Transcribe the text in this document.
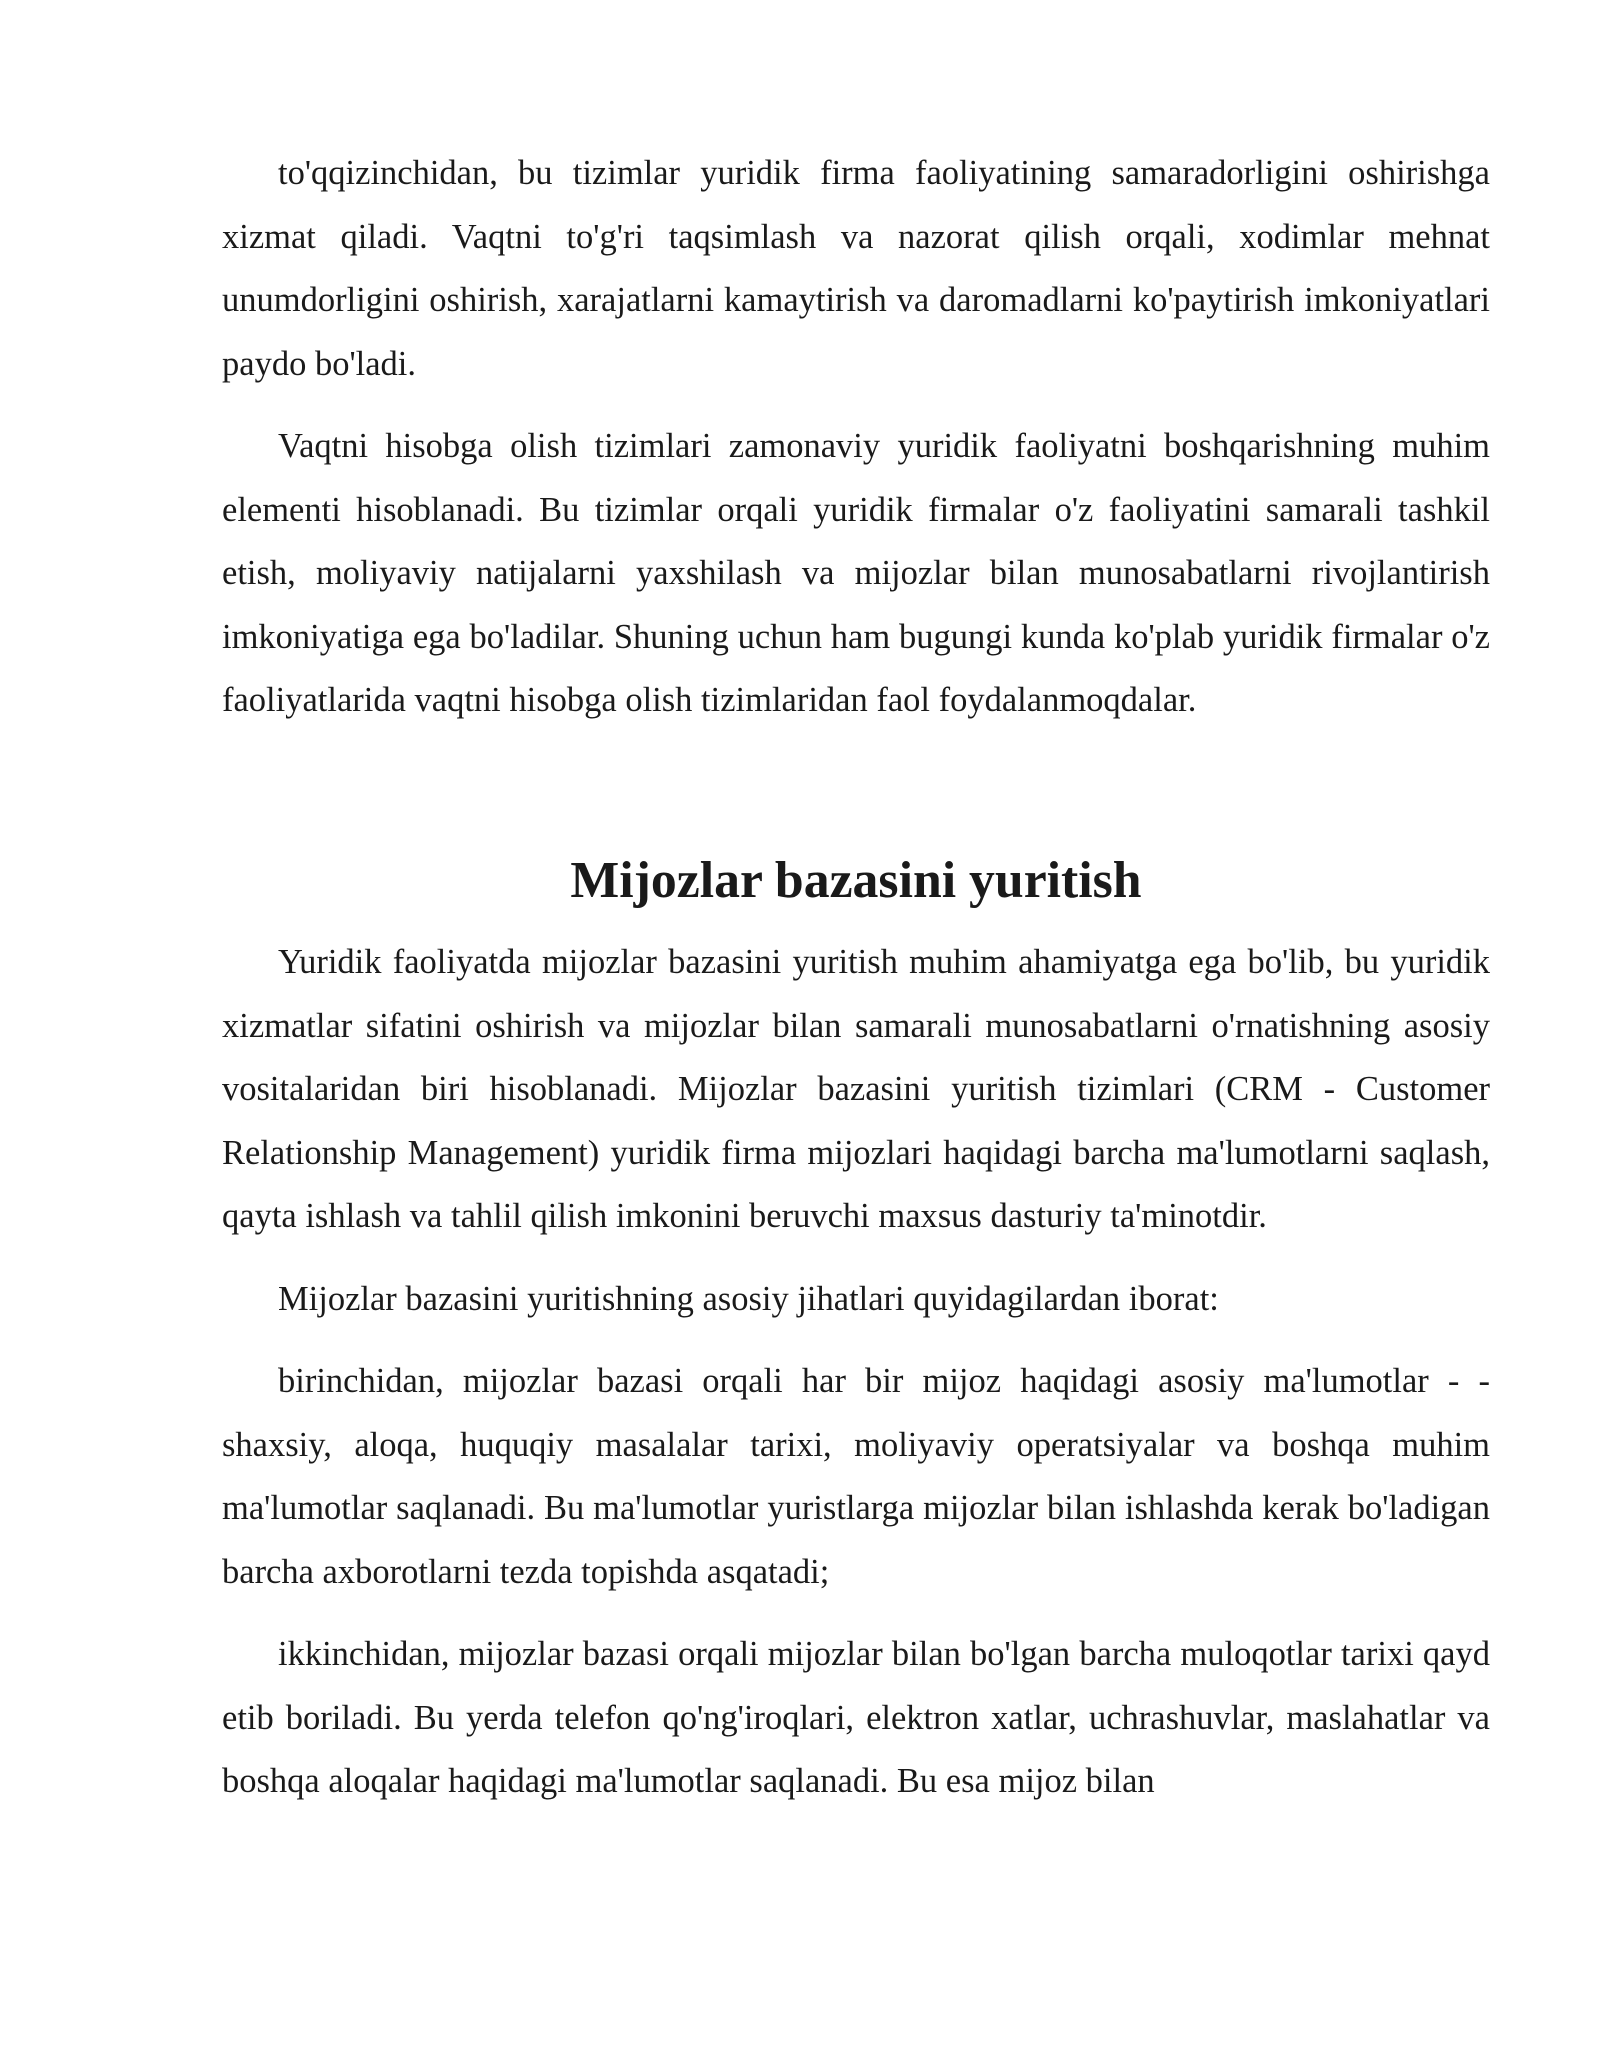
to'qqizinchidan, bu tizimlar yuridik firma faoliyatining samaradorligini oshirishga xizmat qiladi. Vaqtni to'g'ri taqsimlash va nazorat qilish orqali, xodimlar mehnat unumdorligini oshirish, xarajatlarni kamaytirish va daromadlarni ko'paytirish imkoniyatlari paydo bo'ladi.

Vaqtni hisobga olish tizimlari zamonaviy yuridik faoliyatni boshqarishning muhim elementi hisoblanadi. Bu tizimlar orqali yuridik firmalar o'z faoliyatini samarali tashkil etish, moliyaviy natijalarni yaxshilash va mijozlar bilan munosabatlarni rivojlantirish imkoniyatiga ega bo'ladilar. Shuning uchun ham bugungi kunda ko'plab yuridik firmalar o'z faoliyatlarida vaqtni hisobga olish tizimlaridan faol foydalanmoqdalar.

Mijozlar bazasini yuritish

Yuridik faoliyatda mijozlar bazasini yuritish muhim ahamiyatga ega bo'lib, bu yuridik xizmatlar sifatini oshirish va mijozlar bilan samarali munosabatlarni o'rnatishning asosiy vositalaridan biri hisoblanadi. Mijozlar bazasini yuritish tizimlari (CRM - Customer Relationship Management) yuridik firma mijozlari haqidagi barcha ma'lumotlarni saqlash, qayta ishlash va tahlil qilish imkonini beruvchi maxsus dasturiy ta'minotdir.

Mijozlar bazasini yuritishning asosiy jihatlari quyidagilardan iborat:

birinchidan, mijozlar bazasi orqali har bir mijoz haqidagi asosiy ma'lumotlar - - shaxsiy, aloqa, huquqiy masalalar tarixi, moliyaviy operatsiyalar va boshqa muhim ma'lumotlar saqlanadi. Bu ma'lumotlar yuristlarga mijozlar bilan ishlashda kerak bo'ladigan barcha axborotlarni tezda topishda asqatadi;

ikkinchidan, mijozlar bazasi orqali mijozlar bilan bo'lgan barcha muloqotlar tarixi qayd etib boriladi. Bu yerda telefon qo'ng'iroqlari, elektron xatlar, uchrashuvlar, maslahatlar va boshqa aloqalar haqidagi ma'lumotlar saqlanadi. Bu esa mijoz bilan
